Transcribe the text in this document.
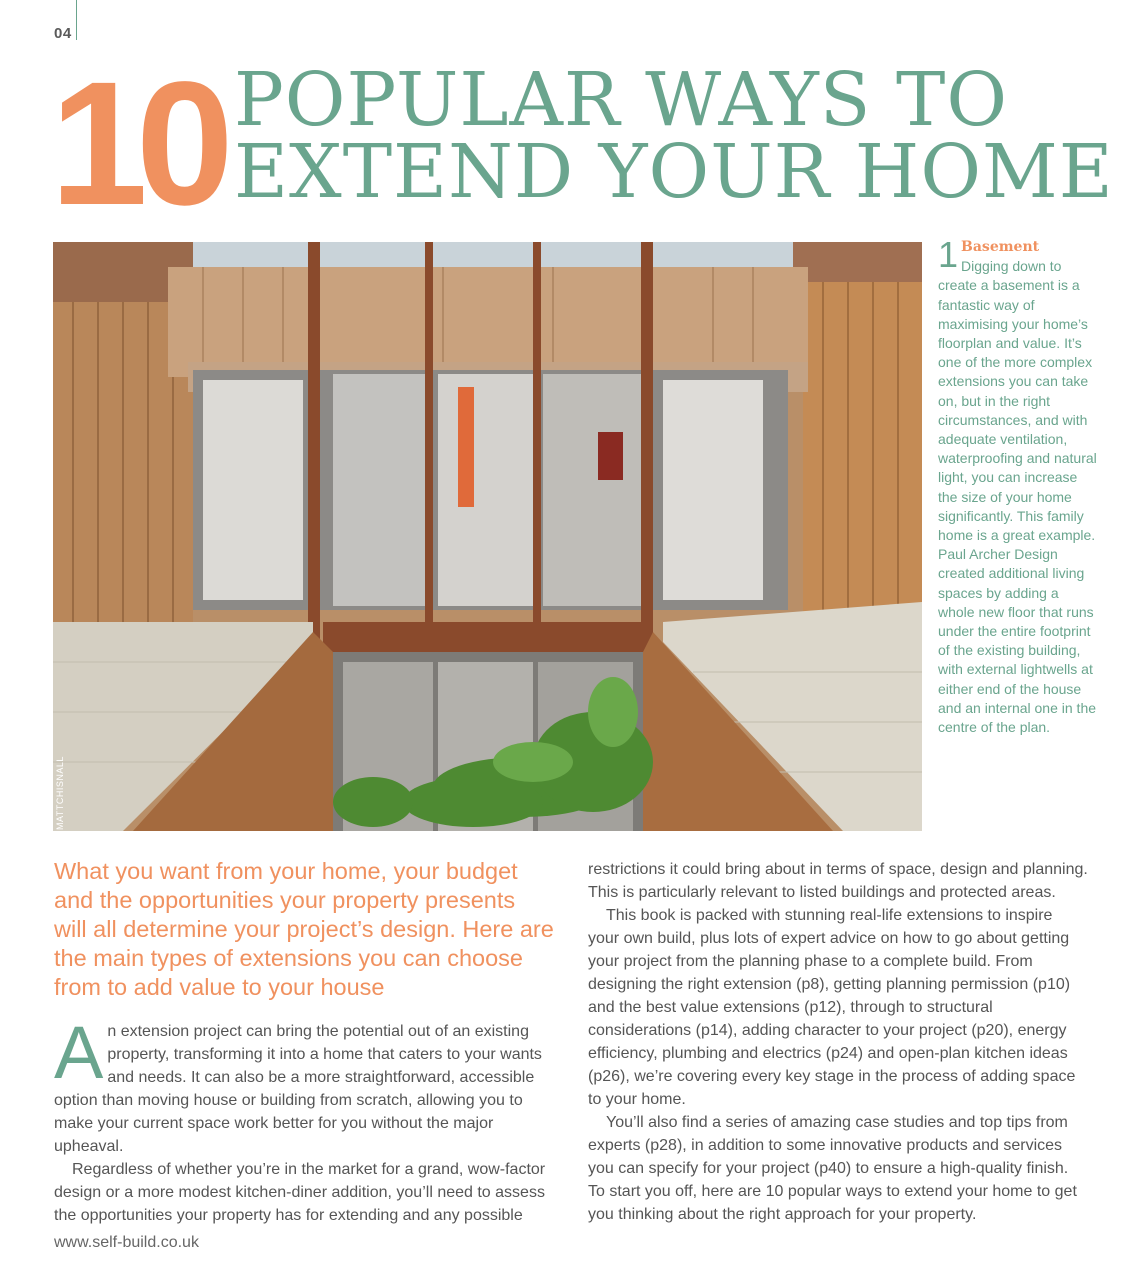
04
10 POPULAR WAYS TO
EXTEND YOUR HOME
MATTCHISNALL
1 Basement

Digging down to create a basement is a fantastic way of maximising your home’s floorplan and value. It’s one of the more complex extensions you can take on, but in the right circumstances, and with adequate ventilation, waterproofing and natural light, you can increase the size of your home significantly. This family home is a great example. Paul Archer Design created additional living spaces by adding a whole new floor that runs under the entire footprint of the existing building, with external lightwells at either end of the house and an internal one in the centre of the plan.

What you want from your home, your budget and the opportunities your property presents will all determine your project’s design. Here are the main types of extensions you can choose from to add value to your house

An extension project can bring the potential out of an existing property, transforming it into a home that caters to your wants and needs. It can also be a more straightforward, accessible option than moving house or building from scratch, allowing you to make your current space work better for you without the major upheaval.

Regardless of whether you’re in the market for a grand, wow-factor design or a more modest kitchen-diner addition, you’ll need to assess the opportunities your property has for extending and any possible

restrictions it could bring about in terms of space, design and planning. This is particularly relevant to listed buildings and protected areas.

This book is packed with stunning real-life extensions to inspire your own build, plus lots of expert advice on how to go about getting your project from the planning phase to a complete build. From designing the right extension (p8), getting planning permission (p10) and the best value extensions (p12), through to structural considerations (p14), adding character to your project (p20), energy efficiency, plumbing and electrics (p24) and open-plan kitchen ideas (p26), we’re covering every key stage in the process of adding space to your home.

You’ll also find a series of amazing case studies and top tips from experts (p28), in addition to some innovative products and services you can specify for your project (p40) to ensure a high-quality finish. To start you off, here are 10 popular ways to extend your home to get you thinking about the right approach for your property.

www.self-build.co.uk
